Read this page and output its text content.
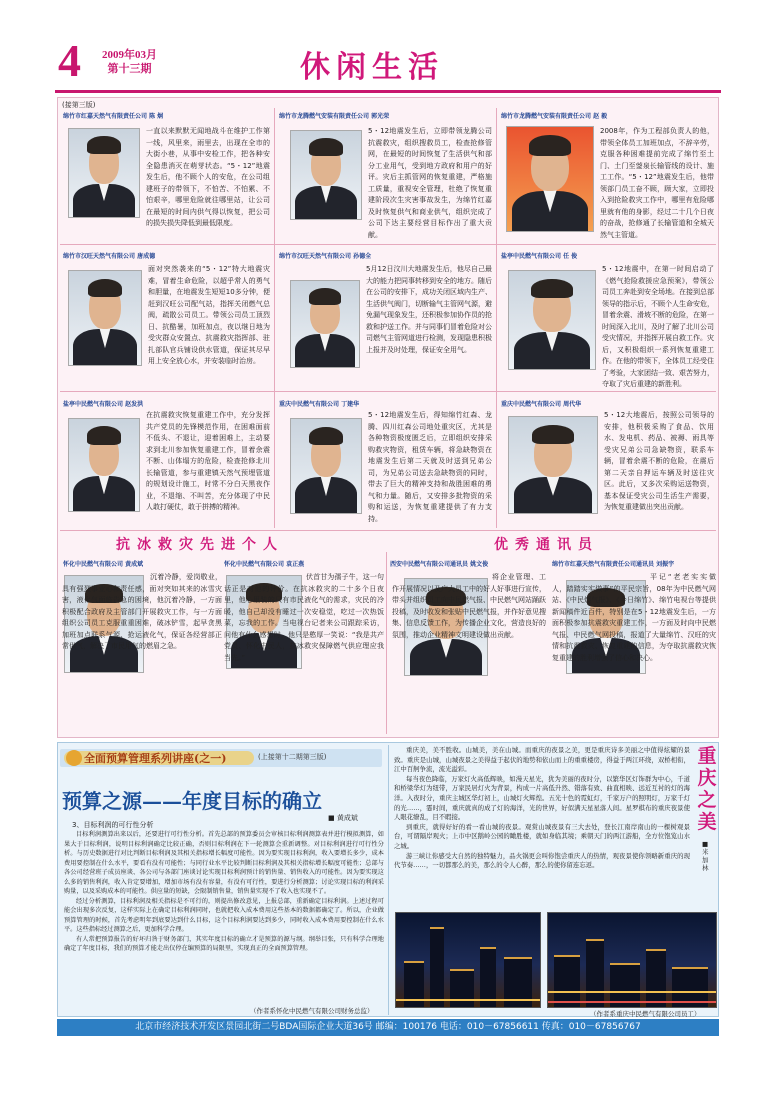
4 2009年03月
第十三期	休闲生活
(接第三版)
绵竹市红嘉天然气有限责任公司 陈 炯
一直以来默默无闻地战斗在维护工作第一线，风里来，雨里去，出现在全市的大街小巷，从事中安检工作，把各种安全隐患消灭在萌芽状态。“5・12”地震发生后，他不顾个人的安危，在公司组建班子的带领下，不怕苦、不怕累、不怕艰辛，哪里危险就往哪里站，让公司在最短的时间内供气得以恢复，把公司的损失损失降低到最低限度。
绵竹市龙腾燃气安装有限责任公司 郭光荣
5・12地震发生后，立即带领龙腾公司抗震救灾，组织搜救员工，检查抢修管网，在最短的时间恢复了生活供气和部分工业用气，受到地方政府和用户的好评。灾后主抓管网的恢复重建，严格施工质量，重视安全管理，杜绝了恢复重建阶段次生灾害事故发生，为绵竹红嘉及时恢复供气和商业供气，组织完成了公司下达主要经营目标作出了重大贡献。
绵竹市龙腾燃气安装有限责任公司 赵 毅
2008年，作为工程部负责人的他，带领全体员工加班加点，不辞辛劳，克服各种困难提前完成了绵竹至土门、土门至蓥泉长输管线的设计、施工工作。“5・12”地震发生后，他带领部门员工奋不顾，顾大家，立即投入到抢险救灾工作中，哪里有危险哪里就有他的身影，经过二十几个日夜的奋战，抢修通了长输管道和全城天然气主管道。
绵竹市汉旺天然气有限公司 唐成德
面对突然袭来的“5・12”特大地震灾难，冒着生命危险，以超乎常人的勇气和胆量，在地震发生短短10多分钟，便赶到汉旺公司配气站，指挥关闭燃气总阀，疏散公司员工。带领公司员工顶烈日、抗酷暑，加班加点，夜以继日地为受灾群众安置点、抗震救灾指挥部、驻扎部队官兵铺设供水管道，保证其尽早用上安全放心水，并安装临时治房。
绵竹市汉旺天然气有限公司 孙德全
5月12日汶川大地震发生后，他尽自己最大的能力把同事转移到安全的地方。随后在公司的安排下，成功关闭区域内生产、生活供气阀门，切断输气主管网气源，避免漏气现象发生，还积极参加协作员的抢救和护送工作。并与同事们冒着危险对公司燃气主管网道进行检测，发现隐患积极上报并及时处理，保证安全用气。
盐亭中民燃气有限公司 任 俊
5・12地震中，在第一时间启动了《燃气抢险救援应急预案》，带领公司员工奔赴到安全场地。在接到总部领导的指示后，不顾个人生命安危，冒着余震、滑坡不断的危险，在第一时间深入北川，及时了解了北川公司受灾情况，并指挥开展自救工作。灾后，又积极组织一系列恢复重建工作。在他的带领下，全体员工经受住了考验，大家团结一致、艰苦努力，夺取了灾后重建的新胜利。
盐亭中民燃气有限公司 赵发洪
在抗震救灾恢复重建工作中，充分发挥共产党员的先锋模范作用，在困难面前不低头、不退让，迎着困难上，主动要求到北川参加恢复重建工作，冒着余震不断、山体塌方的危险，检查抢修北川长输管道，参与重建镇天然气预埋管道的规划设计施工，时常不分白天黑夜作业，不退缩、不叫苦，充分体现了中民人敢打硬仗，敢于拼搏的精神。
重庆中民燃气有限公司 丁建华
5・12地震发生后，得知绵竹红森、龙腾、四川红森公司地处重灾区，尤其是各种物资极度匮乏后，立即组织安排采购救灾物资，租赁车辆，将急缺物资在地震发生后第二天就及时送到兄弟公司，为兄弟公司送去急缺物资的同时，带去了巨大的精神支持和战胜困难的勇气和力量。随后，又安排多批物资的采购和运送，为恢复重建提供了有力支持。
重庆中民燃气有限公司 周代华
5・12大地震后，按照公司领导的安排，他积极采购了食品、饮用水、发电机、药品、被褥、雨具等受灾兄弟公司急缺物资，联系车辆，冒着余震不断的危险，在震后第二天亲自押运车辆及时送往灾区。此后，又多次采购运送物资，基本保证受灾公司生活生产需要，为恢复重建做出突出贡献。
抗冰救灾先进个人	优秀通讯员
怀化中民燃气有限公司 黄成斌
沉着冷静，爱岗敬业，具有强烈事业心和责任感，面对突如其来的冰雪灾害，液化气面临告急的困境，他沉着冷静，一方面积极配合政府及主管部门开展救灾工作，与一方面组织公司员工克服重重困难，破冰铲雪，起早贪黑加班加点联系气源、抢运液化气，保证各经营部正常供气，解决了市民用气的燃眉之急。
怀化中民燃气有限公司 袁正燕
伏首甘为孺子牛，这一句话正是对他的评价。在抗冰救灾的二十多个日夜里，他心里装的只有市民液化气的需求，灾民的冷暖，他自己却没有睡过一次安稳觉，吃过一次热饭菜，忘我的工作。当电视台记者来公司跟踪采访，问他有什么感想时，他只是憨厚一笑说：“我是共产党员、怀化中民人，抗冰救灾保障燃气供应理应我当先。”
西安中民燃气有限公司通讯员 姚文俊
将企业管理、工作开展情况以及广大员工中的好人好事进行宣传，带头并组织员工向中民燃气报、中民燃气网站踊跃投稿，及时收发和张贴中民燃气报，并作好意见搜集、信息反馈工作，为传播企业文化，营造良好的氛围，推动企业精神文明建设做出贡献。
绵竹市红嘉天然气有限责任公司通讯员 刘振宇
平记“老老实实做人，踏踏实实做事”的平民宗旨，08年为中民燃气网站、《中民燃气报》、《今日绵竹》、绵竹电视台等提供新闻稿件近百件，特别是在5・12地震发生后，一方面积极参加抗震救灾重建工作，一方面及时向中民燃气报、中民燃气网投稿，报道了大量绵竹、汉旺的灾情和抗震救灾、恢复重建的信息，为夺取抗震救灾恢复重建的胜利增强了信心和决心。
全面预算管理系列讲座(之一)	(上接第十二期第三版)
预算之源——年度目标的确立
■ 黄成斌
3、目标利润的可行性分析

目标利润测算出来以后，还要进行可行性分析。首先总部的预算委员会审核目标利润测算表并进行模拟测算，如果大于目标利润，说明目标利润确定比较正确，否则目标利润在下一轮测算会重新调整。对目标利润进行可行性分析。与历史数据进行对比判断目标利润及其相关指标增长幅度可能性。因为要实现目标利润，收入要增长多少，成本费用要控制在什么水平，要看有没有可能性；与同行业水平比较判断目标利润及其相关指标增长幅度可能性；总部与各公司经营班子成员座谈、各公司与各部门座谈讨论实现目标利润预计的销售量、销售收入的可能性。因为要实现这么多的销售利润，收入肯定要增加，增加市场有没有容量，有没有可行性，要进行分析测算；讨论实现目标的利润采购量，以及采购成本的可能性。供应量的短缺，会限制销售量，销售量实现不了收入也实现不了。

经过分析测算，目标利润及相关指标是不可行的，则提出修改意见，上报总部，重新确定目标利润。上述过程可能会出现多次反复，这样实际上在确定目标利润同时，也就把收入成本费用这些基本的数据都确定了。所以，企业做预算管理的时候，首先考虑明年到底要达到什么目标，这个目标利润要达到多少，同时收入成本费用要控制在什么水平。这些指标经过测算之后，更加科学合理。

有人常把预算报告的好坏归咎于财务部门，其实年度目标的确立才是预算的源与纲。纲举目张，只有科学合理地确定了年度目标，我们的预算才能走出仅停在编预算的局限里，实现真正的全面预算管理。

（作者系怀化中民燃气有限公司财务总监）

重庆美，美不胜收。山城美，美在山城。而重庆的夜景之美，更是重庆诗多美丽之中值得炫耀的景致。重庆是山城，山城夜景之美得益于起伏的地势和依山而上的重重楼房，得益于两江环绕，双桥相衔，江中百舸争流，流光溢彩。

每当夜色降临，万家灯火高低辉映，如漫天星光，犹为美丽的夜时分，以繁华区灯饰群为中心，千道和桥梁华灯为纽带，万家民居灯火为背景，构成一片高低升然、错落有致、曲直相映、远近互衬的灯的海洋。入夜时分，重庆主城区华灯初上，山城灯火辉煌。五光十色的霓虹灯，千家万户的照明灯，万家千灯的光……，霎时间，重庆就真的成了灯的海洋，光的世界，好似满天星星落人间。星罗棋布的重庆夜景使人眼花缭乱，目不暇接。

到重庆，就得好好的看一看山城的夜景。观赏山城夜景有三大去处，登长江南岸南山的一棵树观景台，可谓隔岸观火；上市中区鹅岭公园的瞰胜楼，就如身临其境；乘朝天门的两江游船，全方位饱览山水之城。

游三峡让你感受大自然的独特魅力，品火锅更会叫你饱尝重庆人的热情，观夜景使你领略新重庆的现代节奏……，一切都那么的美，那么的令人心醉，那么的使你留连忘返。

重庆之美
■ 米加林
（作者系重庆中民燃气有限公司员工）
北京市经济技术开发区景园北街二号BDA国际企业大道36号 邮编：100176 电话：010－67856611 传真：010－67856767
